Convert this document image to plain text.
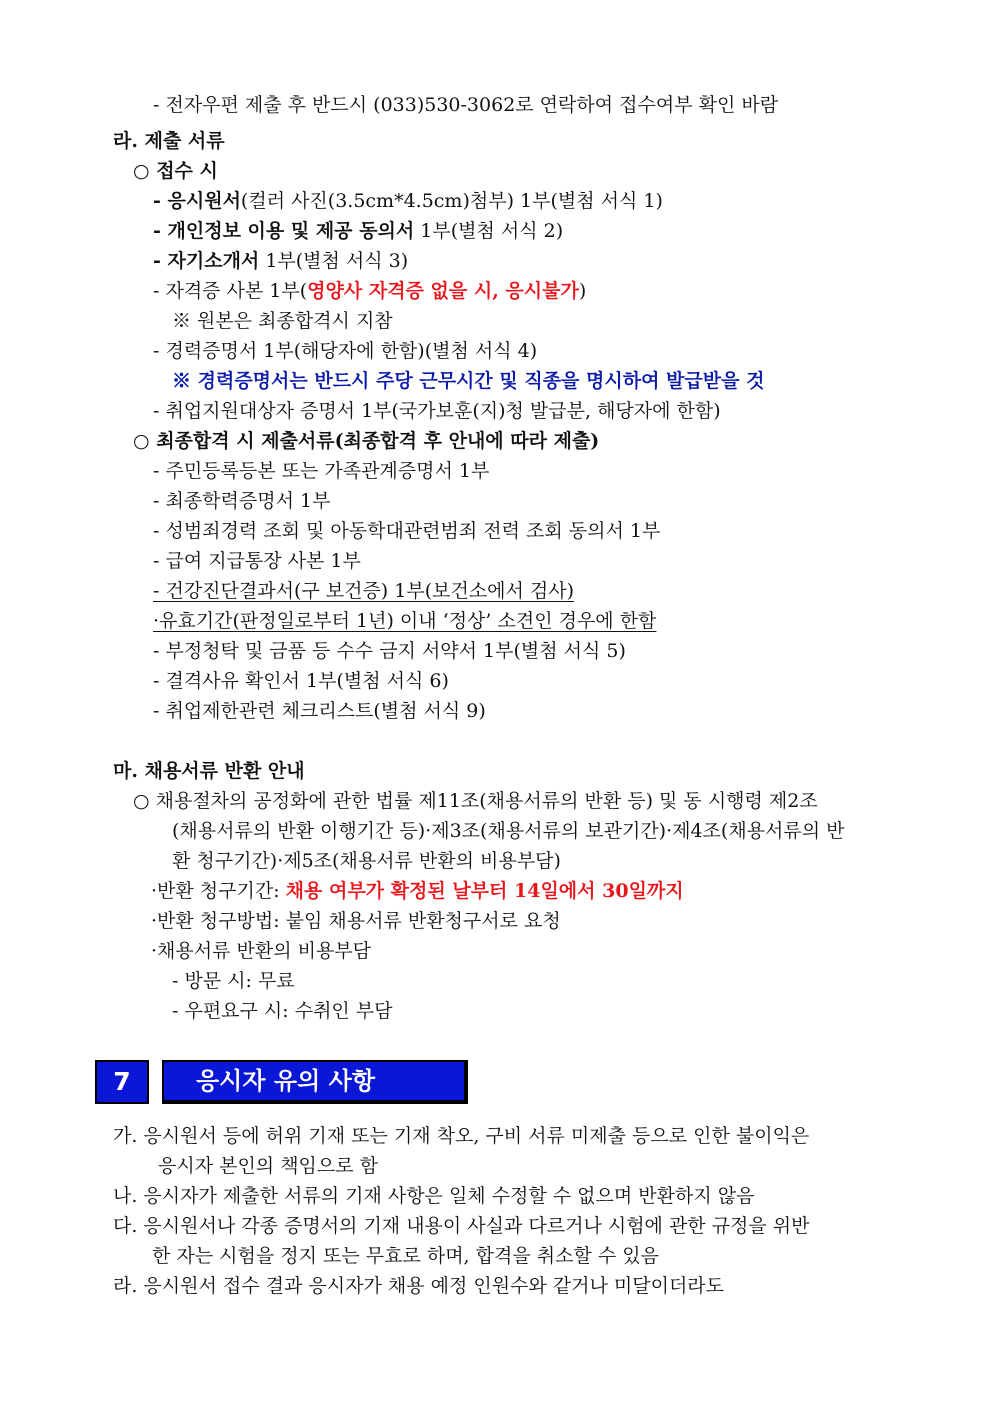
- 전자우편 제출 후 반드시 (033)530-3062로 연락하여 접수여부 확인 바람
라. 제출 서류
○ 접수 시
- 응시원서(컬러 사진(3.5cm*4.5cm)첨부) 1부(별첨 서식 1)
- 개인정보 이용 및 제공 동의서 1부(별첨 서식 2)
- 자기소개서 1부(별첨 서식 3)
- 자격증 사본 1부(영양사 자격증 없을 시, 응시불가)
※ 원본은 최종합격시 지참
- 경력증명서 1부(해당자에 한함)(별첨 서식 4)
※ 경력증명서는 반드시 주당 근무시간 및 직종을 명시하여 발급받을 것
- 취업지원대상자 증명서 1부(국가보훈(지)청 발급분, 해당자에 한함)
○ 최종합격 시 제출서류(최종합격 후 안내에 따라 제출)
- 주민등록등본 또는 가족관계증명서 1부
- 최종학력증명서 1부
- 성범죄경력 조회 및 아동학대관련범죄 전력 조회 동의서 1부
- 급여 지급통장 사본 1부
- 건강진단결과서(구 보건증) 1부(보건소에서 검사)
·유효기간(판정일로부터 1년) 이내 ‘정상’ 소견인 경우에 한함
- 부정청탁 및 금품 등 수수 금지 서약서 1부(별첨 서식 5)
- 결격사유 확인서 1부(별첨 서식 6)
- 취업제한관련 체크리스트(별첨 서식 9)
마. 채용서류 반환 안내
○ 채용절차의 공정화에 관한 법률 제11조(채용서류의 반환 등) 및 동 시행령 제2조
(채용서류의 반환 이행기간 등)·제3조(채용서류의 보관기간)·제4조(채용서류의 반
환 청구기간)·제5조(채용서류 반환의 비용부담)
·반환 청구기간: 채용 여부가 확정된 날부터 14일에서 30일까지
·반환 청구방법: 붙임 채용서류 반환청구서로 요청
·채용서류 반환의 비용부담
- 방문 시: 무료
- 우편요구 시: 수취인 부담
7	응시자 유의 사항
가. 응시원서 등에 허위 기재 또는 기재 착오, 구비 서류 미제출 등으로 인한 불이익은
응시자 본인의 책임으로 함
나. 응시자가 제출한 서류의 기재 사항은 일체 수정할 수 없으며 반환하지 않음
다. 응시원서나 각종 증명서의 기재 내용이 사실과 다르거나 시험에 관한 규정을 위반
한 자는 시험을 정지 또는 무효로 하며, 합격을 취소할 수 있음
라. 응시원서 접수 결과 응시자가 채용 예정 인원수와 같거나 미달이더라도
